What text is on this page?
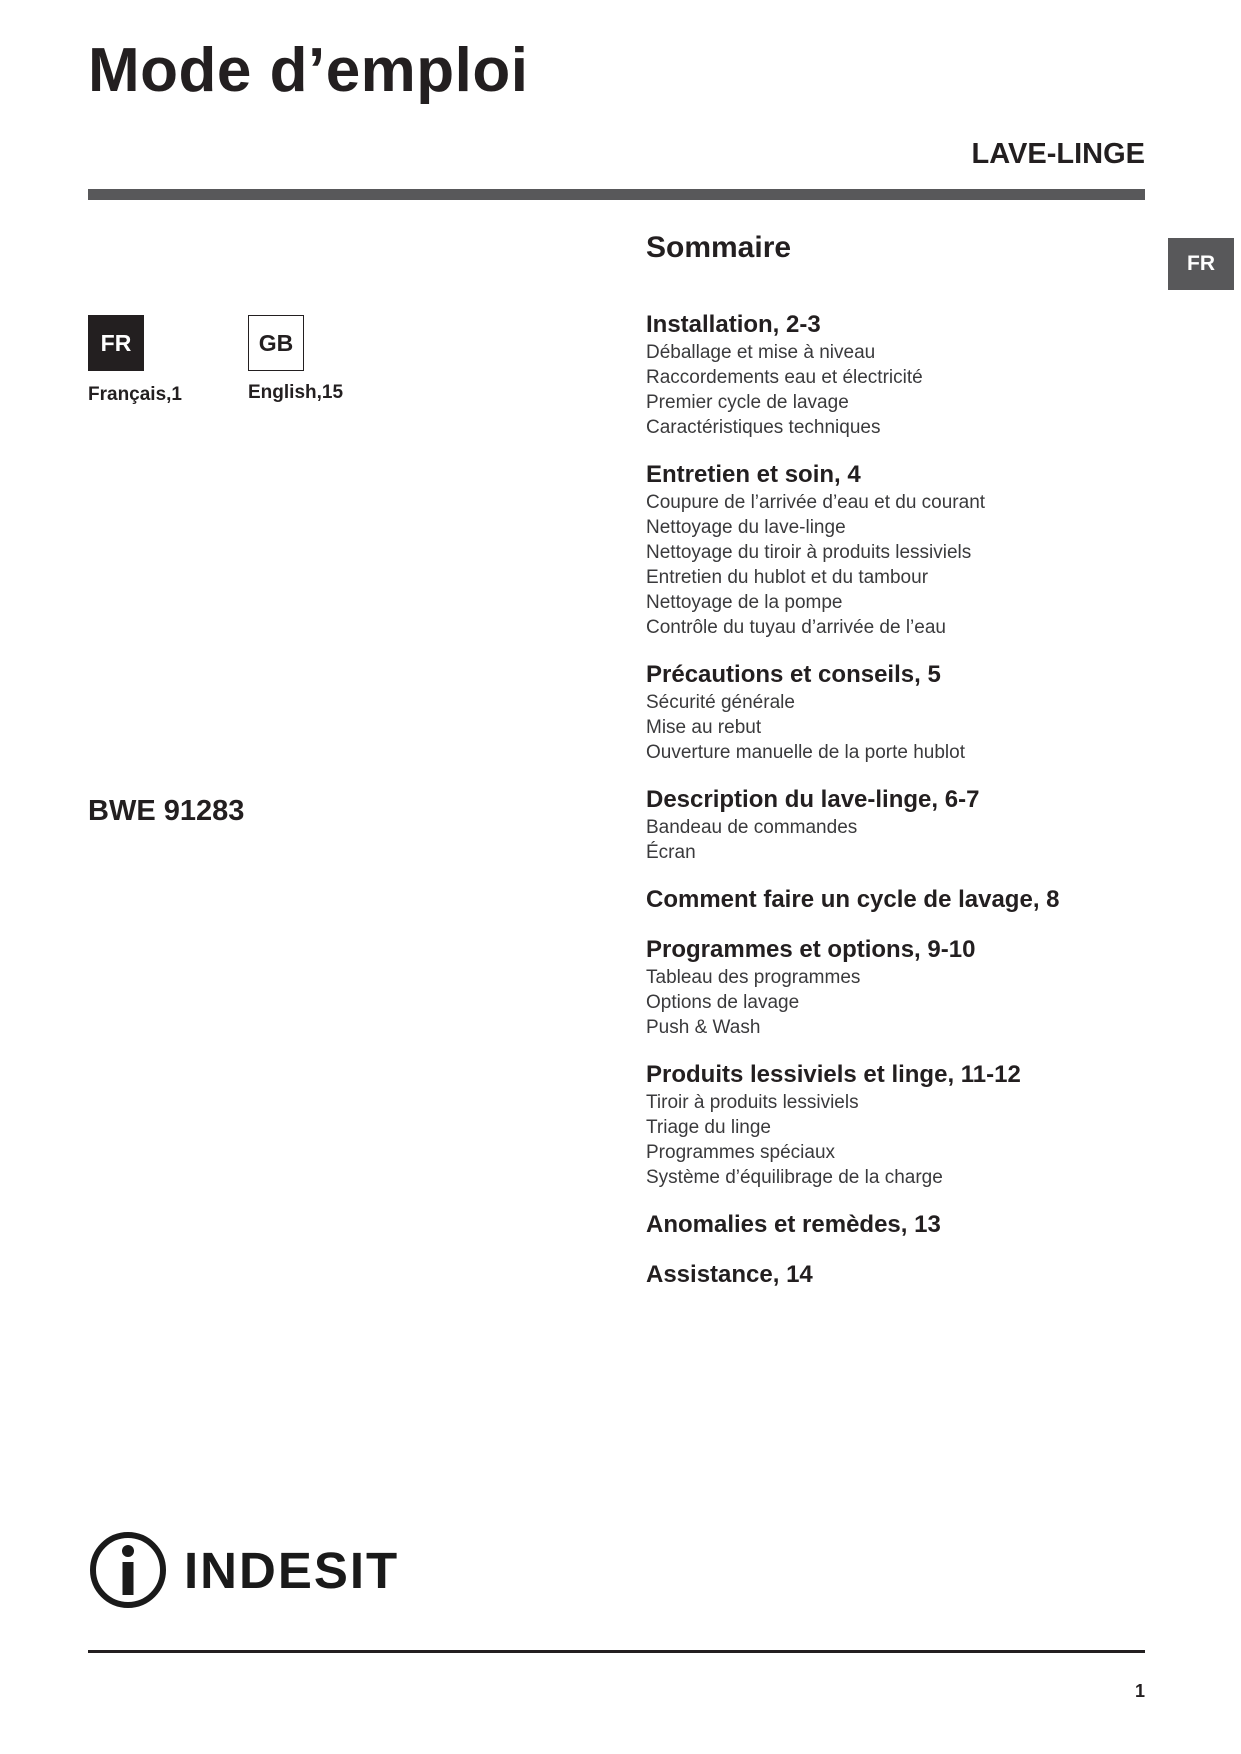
Mode d’emploi
LAVE-LINGE
FR
FR
Français,1
GB
English,15
BWE 91283
Sommaire
Installation, 2-3
Déballage et mise à niveau
Raccordements eau et électricité
Premier cycle de lavage
Caractéristiques techniques
Entretien et soin, 4
Coupure de l’arrivée d’eau et du courant
Nettoyage du lave-linge
Nettoyage du tiroir à produits lessiviels
Entretien du hublot et du tambour
Nettoyage de la pompe
Contrôle du tuyau d’arrivée de l’eau
Précautions et conseils, 5
Sécurité générale
Mise au rebut
Ouverture manuelle de la porte hublot
Description du lave-linge, 6-7
Bandeau de commandes
Écran
Comment faire un cycle de lavage, 8
Programmes et options, 9-10
Tableau des programmes
Options de lavage
Push & Wash
Produits lessiviels et linge, 11-12
Tiroir à produits lessiviels
Triage du linge
Programmes spéciaux
Système d’équilibrage de la charge
Anomalies et remèdes, 13
Assistance, 14
INDESIT
1
